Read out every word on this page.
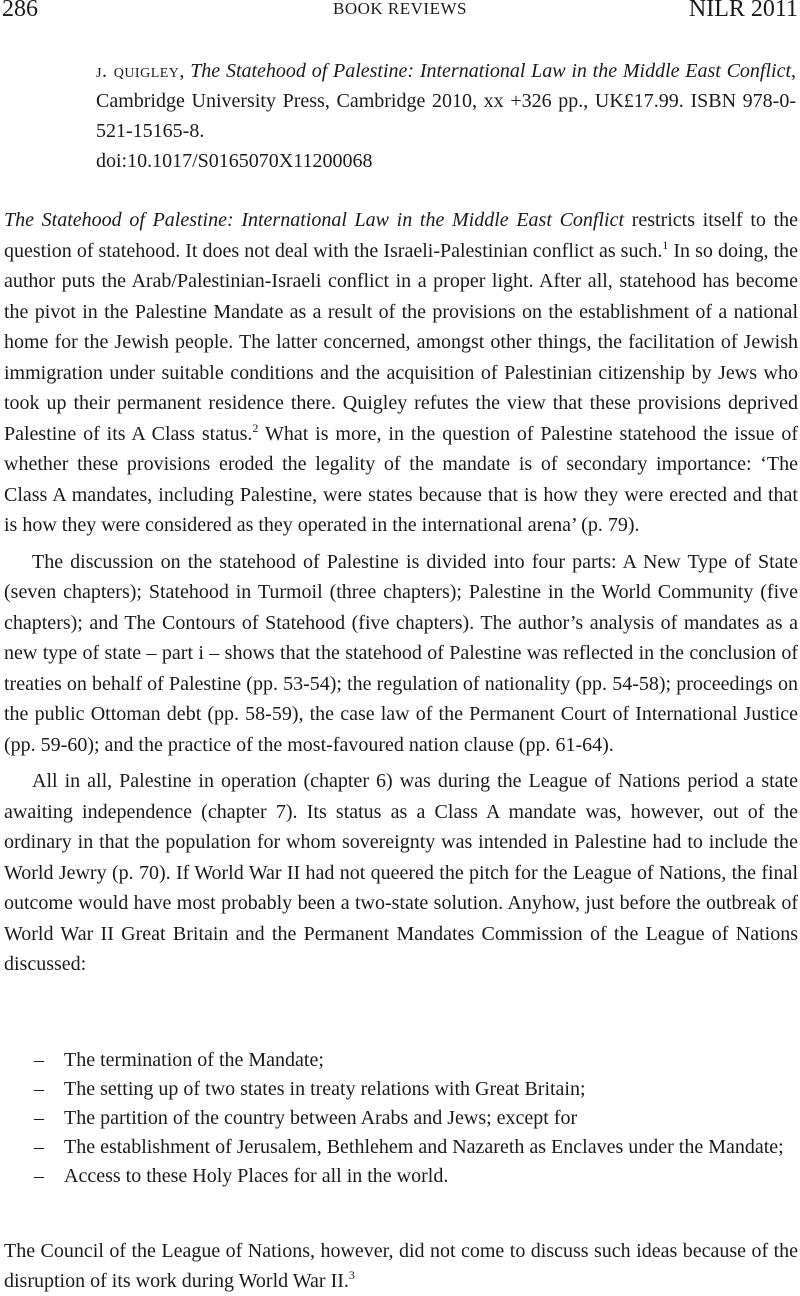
286	BOOK REVIEWS	NILR 2011
j. quigley, The Statehood of Palestine: International Law in the Middle East Conflict, Cambridge University Press, Cambridge 2010, xx +326 pp., UK£17.99. ISBN 978-0-521-15165-8.
doi:10.1017/S0165070X11200068

The Statehood of Palestine: International Law in the Middle East Conflict restricts itself to the question of statehood. It does not deal with the Israeli-Palestinian conflict as such.$^1$ In so doing, the author puts the Arab/Palestinian-Israeli conflict in a proper light. After all, statehood has become the pivot in the Palestine Mandate as a result of the provisions on the establishment of a national home for the Jewish people. The latter concerned, amongst other things, the facilitation of Jewish immigration under suitable conditions and the acquisition of Palestinian citizenship by Jews who took up their permanent residence there. Quigley refutes the view that these provisions deprived Palestine of its A Class status.$^2$ What is more, in the question of Palestine statehood the issue of whether these provisions eroded the legality of the mandate is of secondary importance: ‘The Class A mandates, including Palestine, were states because that is how they were erected and that is how they were considered as they operated in the international arena’ (p. 79).

The discussion on the statehood of Palestine is divided into four parts: A New Type of State (seven chapters); Statehood in Turmoil (three chapters); Palestine in the World Community (five chapters); and The Contours of Statehood (five chapters). The author’s analysis of mandates as a new type of state – part i – shows that the statehood of Palestine was reflected in the conclusion of treaties on behalf of Palestine (pp. 53-54); the regulation of nationality (pp. 54-58); proceedings on the public Ottoman debt (pp. 58-59), the case law of the Permanent Court of International Justice (pp. 59-60); and the practice of the most-favoured nation clause (pp. 61-64).

All in all, Palestine in operation (chapter 6) was during the League of Nations period a state awaiting independence (chapter 7). Its status as a Class A mandate was, however, out of the ordinary in that the population for whom sovereignty was intended in Palestine had to include the World Jewry (p. 70). If World War II had not queered the pitch for the League of Nations, the final outcome would have most probably been a two-state solution. Anyhow, just before the outbreak of World War II Great Britain and the Permanent Mandates Commission of the League of Nations discussed:

– The termination of the Mandate;
– The setting up of two states in treaty relations with Great Britain;
– The partition of the country between Arabs and Jews; except for
– The establishment of Jerusalem, Bethlehem and Nazareth as Enclaves under the Mandate;
– Access to these Holy Places for all in the world.
The Council of the League of Nations, however, did not come to discuss such ideas because of the disruption of its work during World War II.$^3$
